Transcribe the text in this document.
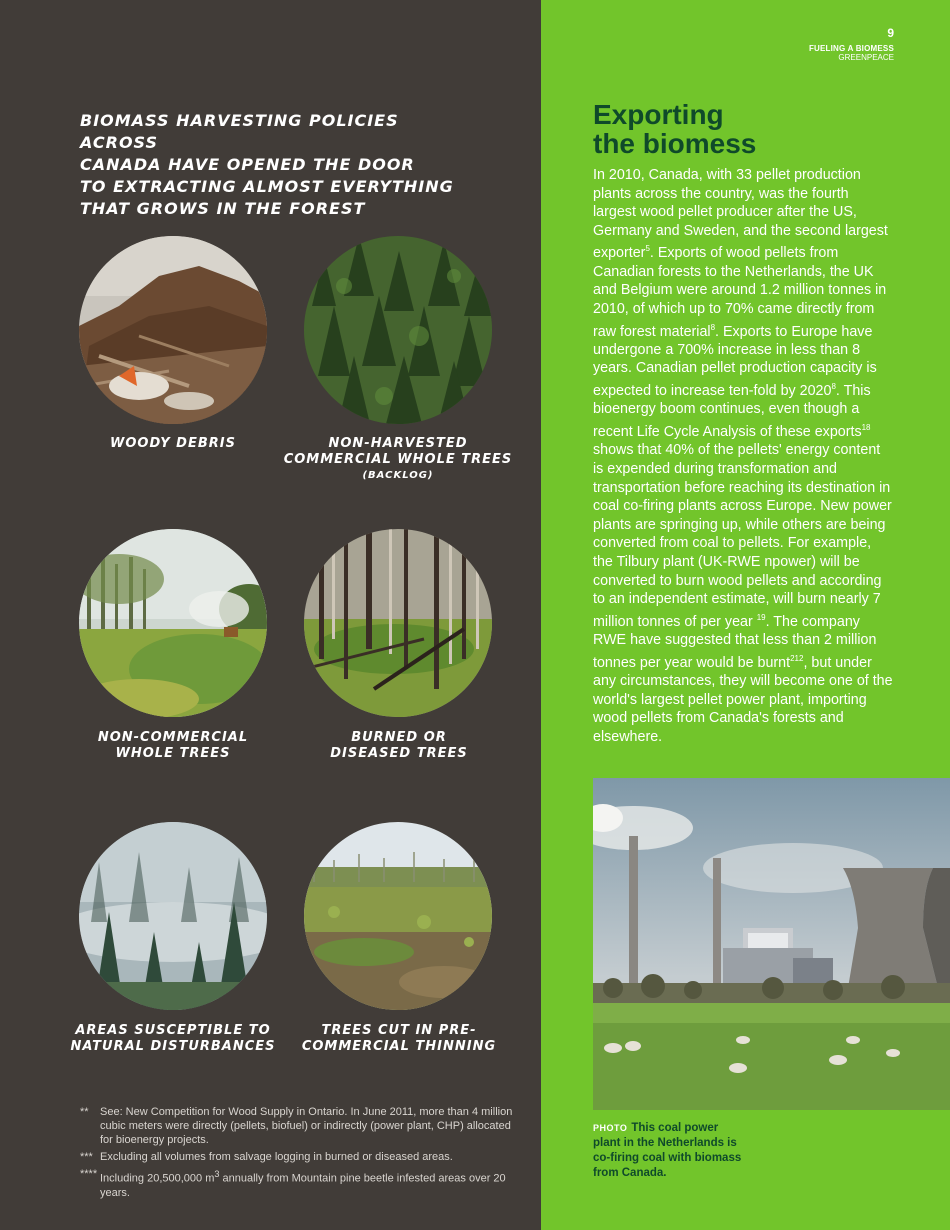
9
FUELING A BIOMESS
GREENPEACE
BIOMASS HARVESTING POLICIES ACROSS
CANADA HAVE OPENED THE DOOR
TO EXTRACTING ALMOST EVERYTHING
THAT GROWS IN THE FOREST
WOODY DEBRIS	NON-HARVESTED
COMMERCIAL WHOLE TREES
(BACKLOG)
NON-COMMERCIAL
WHOLE TREES
BURNED OR
DISEASED TREES
AREAS SUSCEPTIBLE TO
NATURAL DISTURBANCES
TREES CUT IN PRE-
COMMERCIAL THINNING
**	See: New Competition for Wood Supply in Ontario. In June 2011, more than 4 million cubic meters were directly (pellets, biofuel) or indirectly (power plant, CHP) allocated for bioenergy projects.
*** Excluding all volumes from salvage logging in burned or diseased areas.
**** Including 20,500,000 $m^3$ annually from Mountain pine beetle infested areas over 20 years.
Exporting
the biomess

In 2010, Canada, with 33 pellet production plants across the country, was the fourth largest wood pellet producer after the US, Germany and Sweden, and the second largest exporter$^5$. Exports of wood pellets from Canadian forests to the Netherlands, the UK and Belgium were around 1.2 million tonnes in 2010, of which up to 70% came directly from raw forest material$^8$. Exports to Europe have undergone a 700% increase in less than 8 years. Canadian pellet production capacity is expected to increase ten-fold by 2020$^8$. This bioenergy boom continues, even though a recent Life Cycle Analysis of these exports$^{18}$ shows that 40% of the pellets' energy content is expended during transformation and transportation before reaching its destination in coal co-firing plants across Europe. New power plants are springing up, while others are being converted from coal to pellets. For example, the Tilbury plant (UK-RWE npower) will be converted to burn wood pellets and according to an independent estimate, will burn nearly 7 million tonnes of per year $^{19}$. The company RWE have suggested that less than 2 million tonnes per year would be burnt$^{212}$, but under any circumstances, they will become one of the world's largest pellet power plant, importing wood pellets from Canada's forests and elsewhere.

PHOTO This coal power plant in the Netherlands is co-firing coal with biomass from Canada.
